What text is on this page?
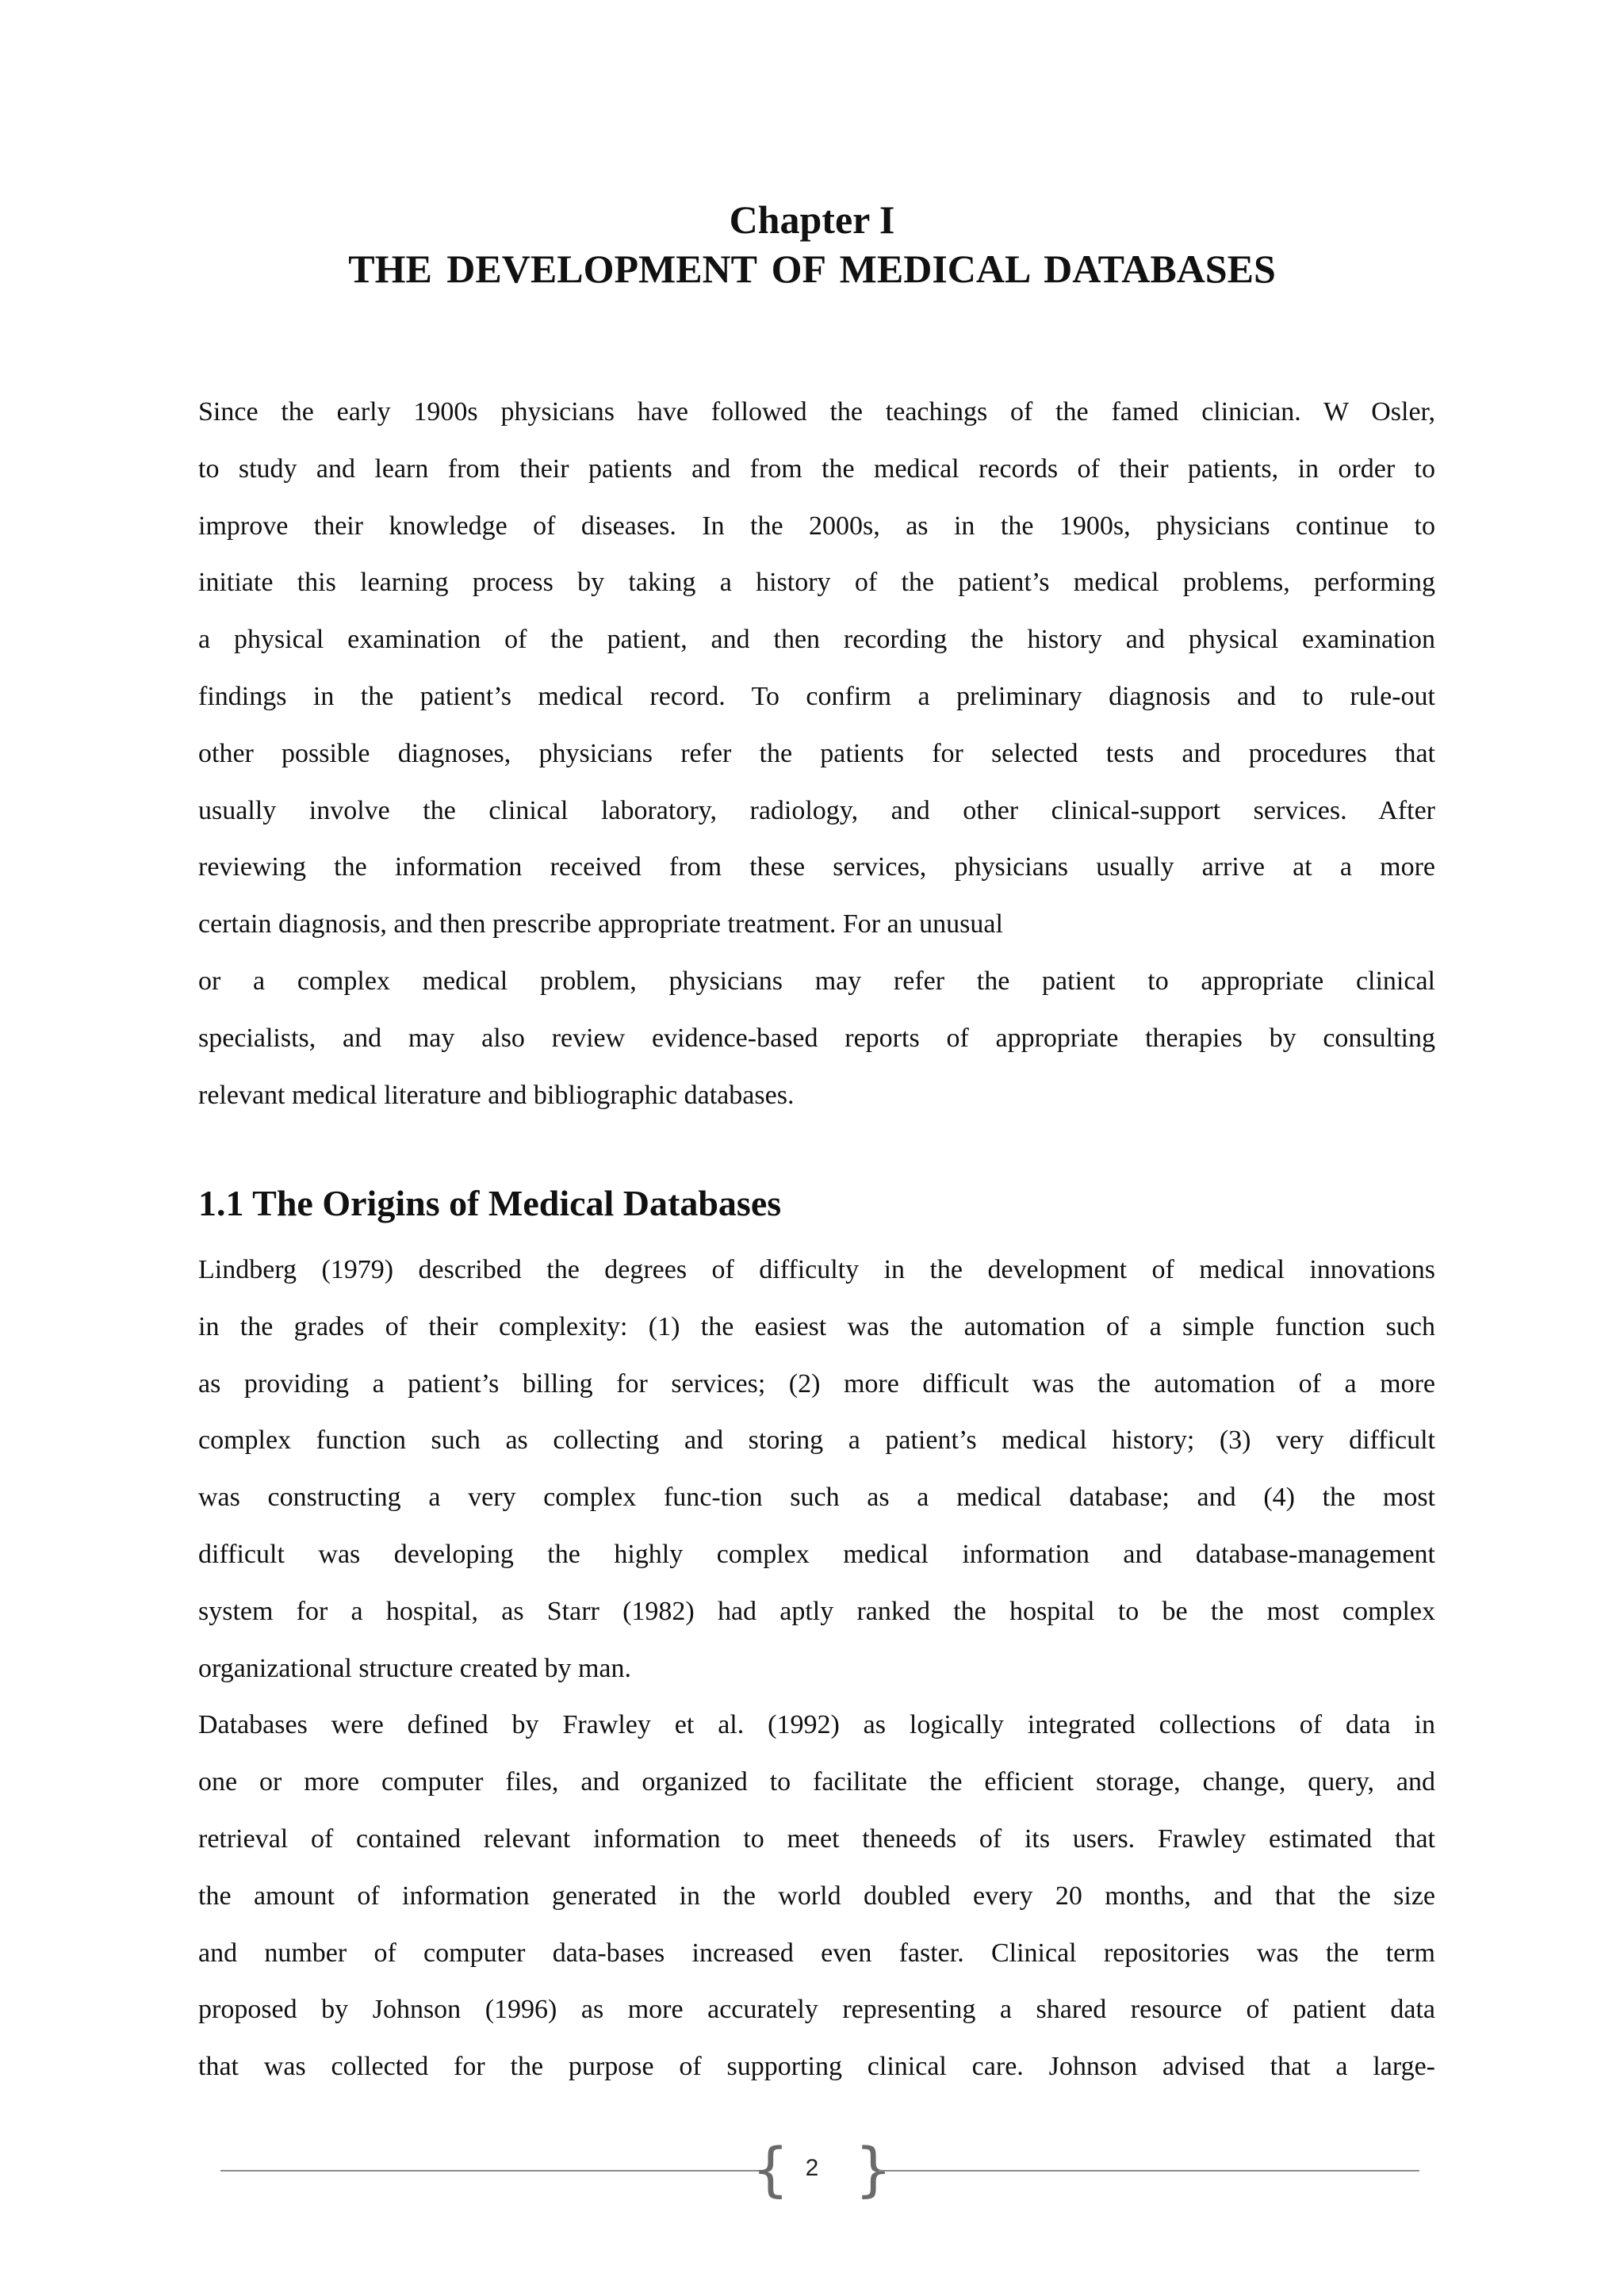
Chapter I

THE DEVELOPMENT OF MEDICAL DATABASES

Since the early 1900s physicians have followed the teachings of the famed clinician. W Osler,
to study and learn from their patients and from the medical records of their patients, in order to
improve their knowledge of diseases. In the 2000s, as in the 1900s, physicians continue to
initiate this learning process by taking a history of the patient’s medical problems, performing
a physical examination of the patient, and then recording the history and physical examination
findings in the patient’s medical record. To confirm a preliminary diagnosis and to rule-out
other possible diagnoses, physicians refer the patients for selected tests and procedures that
usually involve the clinical laboratory, radiology, and other clinical-support services. After
reviewing the information received from these services, physicians usually arrive at a more
certain diagnosis, and then prescribe appropriate treatment. For an unusual
or a complex medical problem, physicians may refer the patient to appropriate clinical
specialists, and may also review evidence-based reports of appropriate therapies by consulting
relevant medical literature and bibliographic databases.
1.1 The Origins of Medical Databases
Lindberg (1979) described the degrees of difficulty in the development of medical innovations
in the grades of their complexity: (1) the easiest was the automation of a simple function such
as providing a patient’s billing for services; (2) more difficult was the automation of a more
complex function such as collecting and storing a patient’s medical history; (3) very difficult
was constructing a very complex func-tion such as a medical database; and (4) the most
difficult was developing the highly complex medical information and database-management
system for a hospital, as Starr (1982) had aptly ranked the hospital to be the most complex
organizational structure created by man.
Databases were defined by Frawley et al. (1992) as logically integrated collections of data in
one or more computer files, and organized to facilitate the efficient storage, change, query, and
retrieval of contained relevant information to meet theneeds of its users. Frawley estimated that
the amount of information generated in the world doubled every 20 months, and that the size
and number of computer data-bases increased even faster. Clinical repositories was the term
proposed by Johnson (1996) as more accurately representing a shared resource of patient data
that was collected for the purpose of supporting clinical care. Johnson advised that a large-
{ 2 }
